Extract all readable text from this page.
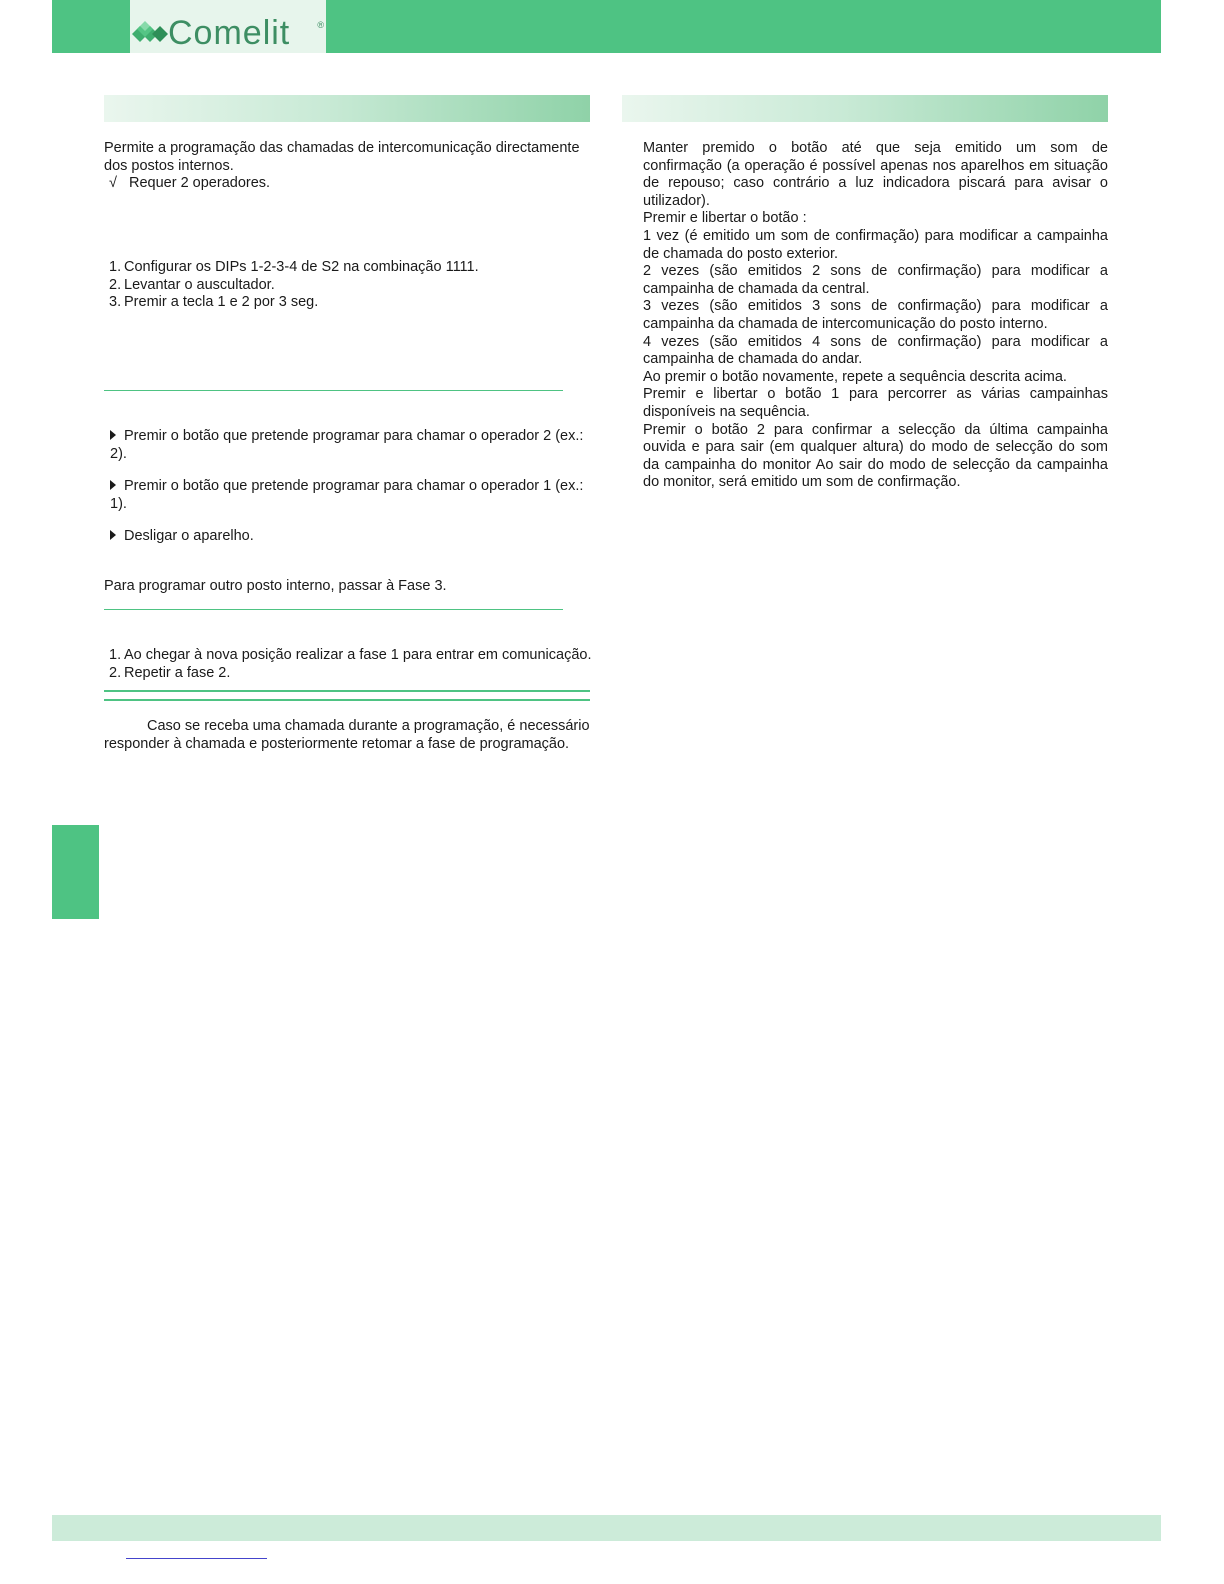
Comelit	®

Permite a programação das chamadas de intercomunicação directamente

dos postos internos.

√ Requer 2 operadores.

1. Configurar os DIPs 1-2-3-4 de S2 na combinação 1111.

2. Levantar o auscultador.

3. Premir a tecla 1 e 2 por 3 seg.

Premir o botão que pretende programar para chamar o operador 2 (ex.: 2).

Premir o botão que pretende programar para chamar o operador 1 (ex.: 1).

Desligar o aparelho.

Para programar outro posto interno, passar à Fase 3.

1. Ao chegar à nova posição realizar a fase 1 para entrar em comunicação.

2. Repetir a fase 2.

Caso se receba uma chamada durante a programação, é necessário

responder à chamada e posteriormente retomar a fase de programação.

Manter premido o botão até que seja emitido um som de
confirmação (a operação é possível apenas nos aparelhos em situação
de repouso; caso contrário a luz indicadora piscará para avisar o
utilizador).
Premir e libertar o botão :
1 vez (é emitido um som de confirmação) para modificar a campainha
de chamada do posto exterior.
2 vezes (são emitidos 2 sons de confirmação) para modificar a
campainha de chamada da central.
3 vezes (são emitidos 3 sons de confirmação) para modificar a
campainha da chamada de intercomunicação do posto interno.
4 vezes (são emitidos 4 sons de confirmação) para modificar a
campainha de chamada do andar.
Ao premir o botão novamente, repete a sequência descrita acima.
Premir e libertar o botão 1 para percorrer as várias campainhas
disponíveis na sequência.
Premir o botão 2 para confirmar a selecção da última campainha
ouvida e para sair (em qualquer altura) do modo de selecção do som
da campainha do monitor Ao sair do modo de selecção da campainha
do monitor, será emitido um som de confirmação.
